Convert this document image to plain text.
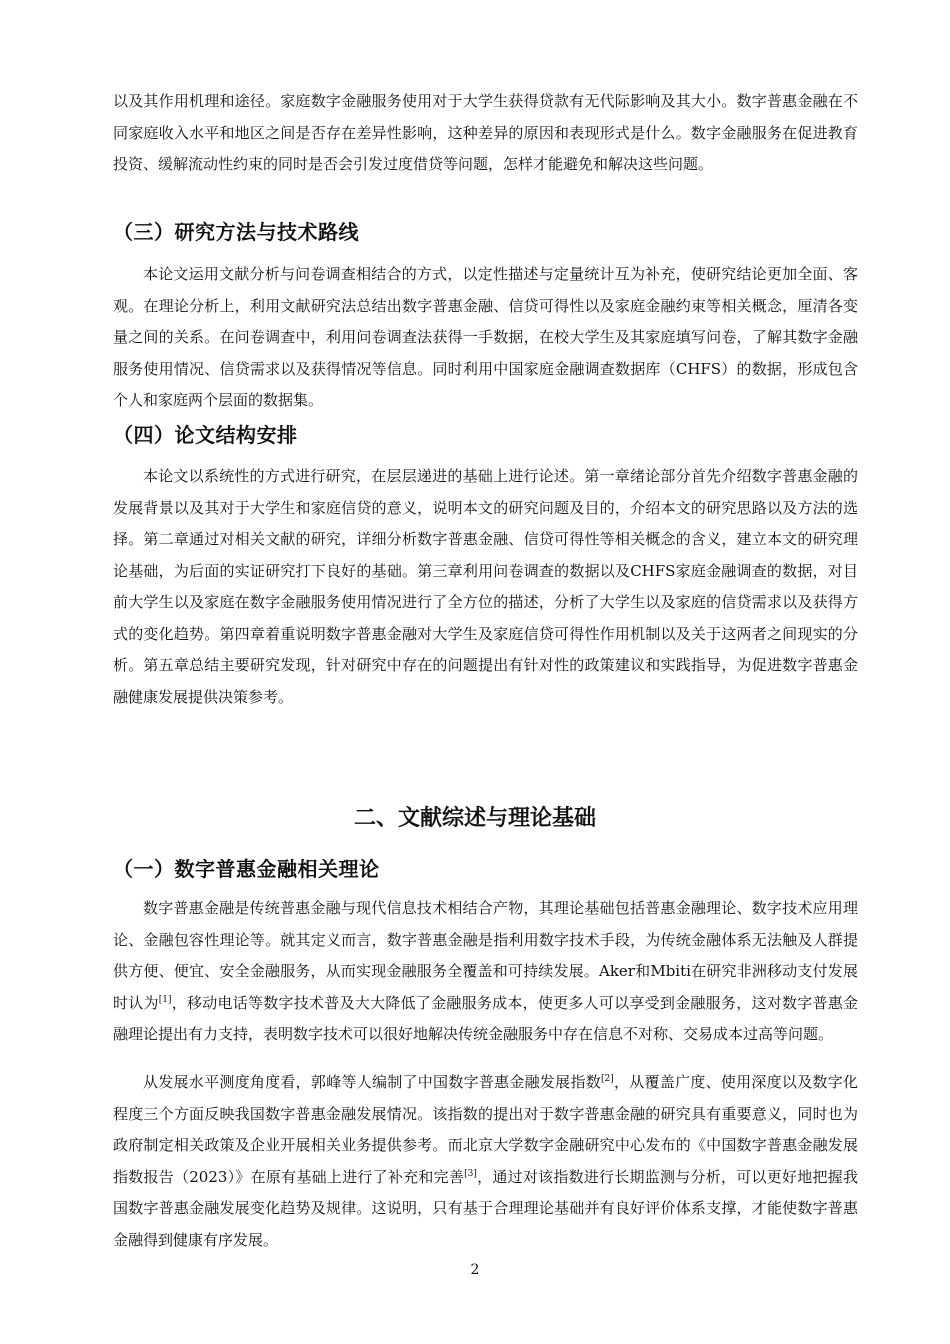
以及其作用机理和途径。家庭数字金融服务使用对于大学生获得贷款有无代际影响及其大小。数字普惠金融在不同家庭收入水平和地区之间是否存在差异性影响，这种差异的原因和表现形式是什么。数字金融服务在促进教育投资、缓解流动性约束的同时是否会引发过度借贷等问题，怎样才能避免和解决这些问题。

（三）研究方法与技术路线

本论文运用文献分析与问卷调查相结合的方式，以定性描述与定量统计互为补充，使研究结论更加全面、客观。在理论分析上，利用文献研究法总结出数字普惠金融、信贷可得性以及家庭金融约束等相关概念，厘清各变量之间的关系。在问卷调查中，利用问卷调查法获得一手数据，在校大学生及其家庭填写问卷，了解其数字金融服务使用情况、信贷需求以及获得情况等信息。同时利用中国家庭金融调查数据库（CHFS）的数据，形成包含个人和家庭两个层面的数据集。

（四）论文结构安排

本论文以系统性的方式进行研究，在层层递进的基础上进行论述。第一章绪论部分首先介绍数字普惠金融的发展背景以及其对于大学生和家庭信贷的意义，说明本文的研究问题及目的，介绍本文的研究思路以及方法的选择。第二章通过对相关文献的研究，详细分析数字普惠金融、信贷可得性等相关概念的含义，建立本文的研究理论基础，为后面的实证研究打下良好的基础。第三章利用问卷调查的数据以及CHFS家庭金融调查的数据，对目前大学生以及家庭在数字金融服务使用情况进行了全方位的描述，分析了大学生以及家庭的信贷需求以及获得方式的变化趋势。第四章着重说明数字普惠金融对大学生及家庭信贷可得性作用机制以及关于这两者之间现实的分析。第五章总结主要研究发现，针对研究中存在的问题提出有针对性的政策建议和实践指导，为促进数字普惠金融健康发展提供决策参考。

二、文献综述与理论基础
（一）数字普惠金融相关理论

数字普惠金融是传统普惠金融与现代信息技术相结合产物，其理论基础包括普惠金融理论、数字技术应用理论、金融包容性理论等。就其定义而言，数字普惠金融是指利用数字技术手段，为传统金融体系无法触及人群提供方便、便宜、安全金融服务，从而实现金融服务全覆盖和可持续发展。Aker和Mbiti在研究非洲移动支付发展时认为[1]，移动电话等数字技术普及大大降低了金融服务成本，使更多人可以享受到金融服务，这对数字普惠金融理论提出有力支持，表明数字技术可以很好地解决传统金融服务中存在信息不对称、交易成本过高等问题。

从发展水平测度角度看，郭峰等人编制了中国数字普惠金融发展指数[2]，从覆盖广度、使用深度以及数字化程度三个方面反映我国数字普惠金融发展情况。该指数的提出对于数字普惠金融的研究具有重要意义，同时也为政府制定相关政策及企业开展相关业务提供参考。而北京大学数字金融研究中心发布的《中国数字普惠金融发展指数报告（2023）》在原有基础上进行了补充和完善[3]，通过对该指数进行长期监测与分析，可以更好地把握我国数字普惠金融发展变化趋势及规律。这说明，只有基于合理理论基础并有良好评价体系支撑，才能使数字普惠金融得到健康有序发展。

2
